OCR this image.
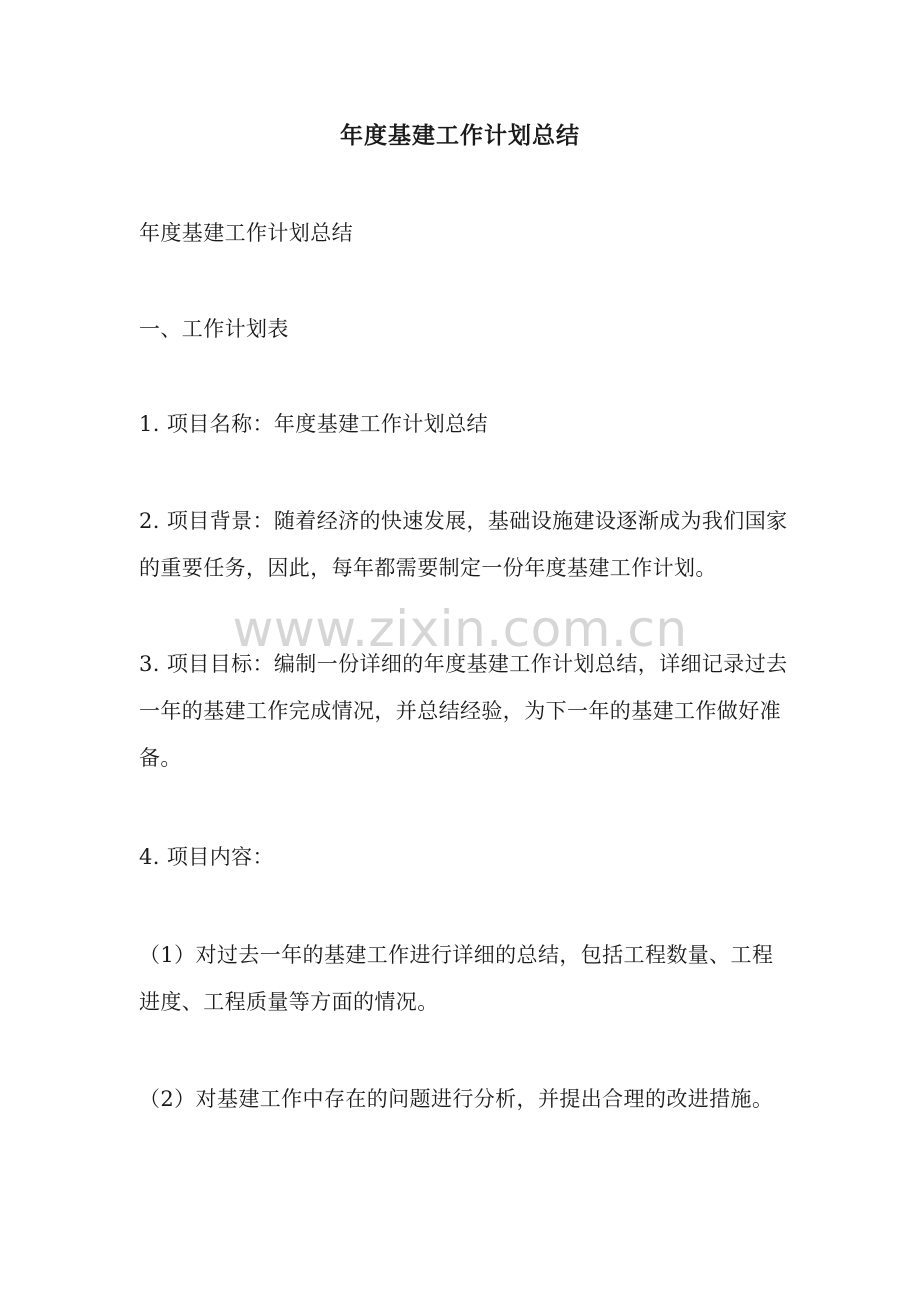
年度基建工作计划总结
年度基建工作计划总结
一、工作计划表
1. 项目名称：年度基建工作计划总结
2. 项目背景：随着经济的快速发展，基础设施建设逐渐成为我们国家的重要任务，因此，每年都需要制定一份年度基建工作计划。
3. 项目目标：编制一份详细的年度基建工作计划总结，详细记录过去一年的基建工作完成情况，并总结经验，为下一年的基建工作做好准备。
4. 项目内容：
（1）对过去一年的基建工作进行详细的总结，包括工程数量、工程进度、工程质量等方面的情况。
（2）对基建工作中存在的问题进行分析，并提出合理的改进措施。
www.zixin.com.cn
